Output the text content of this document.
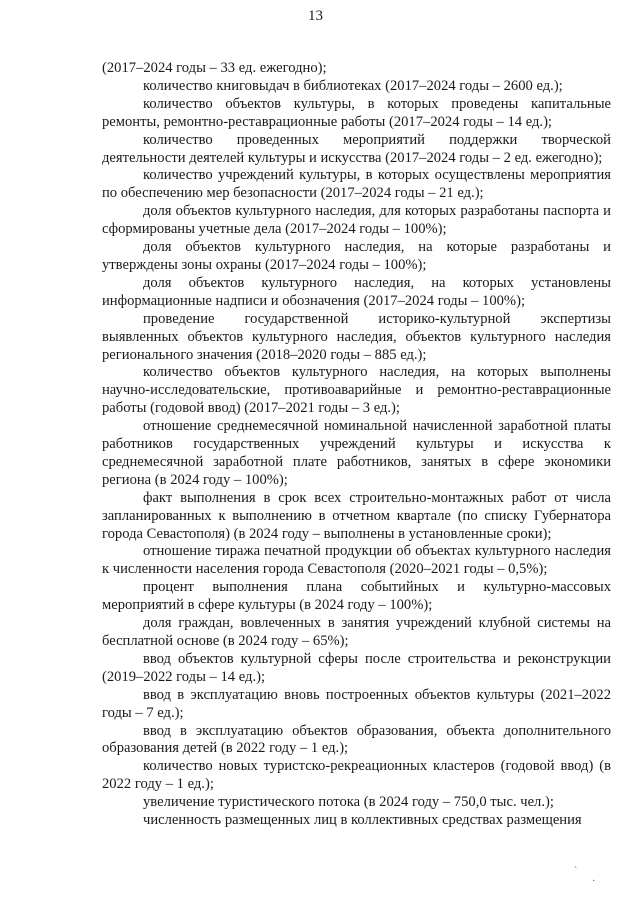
13

(2017–2024 годы – 33 ед. ежегодно);

количество книговыдач в библиотеках (2017–2024 годы – 2600 ед.);

количество объектов культуры, в которых проведены капитальные ремонты, ремонтно-реставрационные работы (2017–2024 годы – 14 ед.);

количество проведенных мероприятий поддержки творческой деятельности деятелей культуры и искусства (2017–2024 годы – 2 ед. ежегодно);

количество учреждений культуры, в которых осуществлены мероприятия по обеспечению мер безопасности (2017–2024 годы – 21 ед.);

доля объектов культурного наследия, для которых разработаны паспорта и сформированы учетные дела (2017–2024 годы – 100%);

доля объектов культурного наследия, на которые разработаны и утверждены зоны охраны (2017–2024 годы – 100%);

доля объектов культурного наследия, на которых установлены информационные надписи и обозначения (2017–2024 годы – 100%);

проведение государственной историко-культурной экспертизы выявленных объектов культурного наследия, объектов культурного наследия регионального значения (2018–2020 годы – 885 ед.);

количество объектов культурного наследия, на которых выполнены научно-исследовательские, противоаварийные и ремонтно-реставрационные работы (годовой ввод) (2017–2021 годы – 3 ед.);

отношение среднемесячной номинальной начисленной заработной платы работников государственных учреждений культуры и искусства к среднемесячной заработной плате работников, занятых в сфере экономики региона (в 2024 году – 100%);

факт выполнения в срок всех строительно-монтажных работ от числа запланированных к выполнению в отчетном квартале (по списку Губернатора города Севастополя) (в 2024 году – выполнены в установленные сроки);

отношение тиража печатной продукции об объектах культурного наследия к численности населения города Севастополя (2020–2021 годы – 0,5%);

процент выполнения плана событийных и культурно-массовых мероприятий в сфере культуры (в 2024 году – 100%);

доля граждан, вовлеченных в занятия учреждений клубной системы на бесплатной основе (в 2024 году – 65%);

ввод объектов культурной сферы после строительства и реконструкции (2019–2022 годы – 14 ед.);

ввод в эксплуатацию вновь построенных объектов культуры (2021–2022 годы – 7 ед.);

ввод в эксплуатацию объектов образования, объекта дополнительного образования детей (в 2022 году – 1 ед.);

количество новых туристско-рекреационных кластеров (годовой ввод) (в 2022 году – 1 ед.);

увеличение туристического потока (в 2024 году – 750,0 тыс. чел.);

численность размещенных лиц в коллективных средствах размещения

ˋ
·
